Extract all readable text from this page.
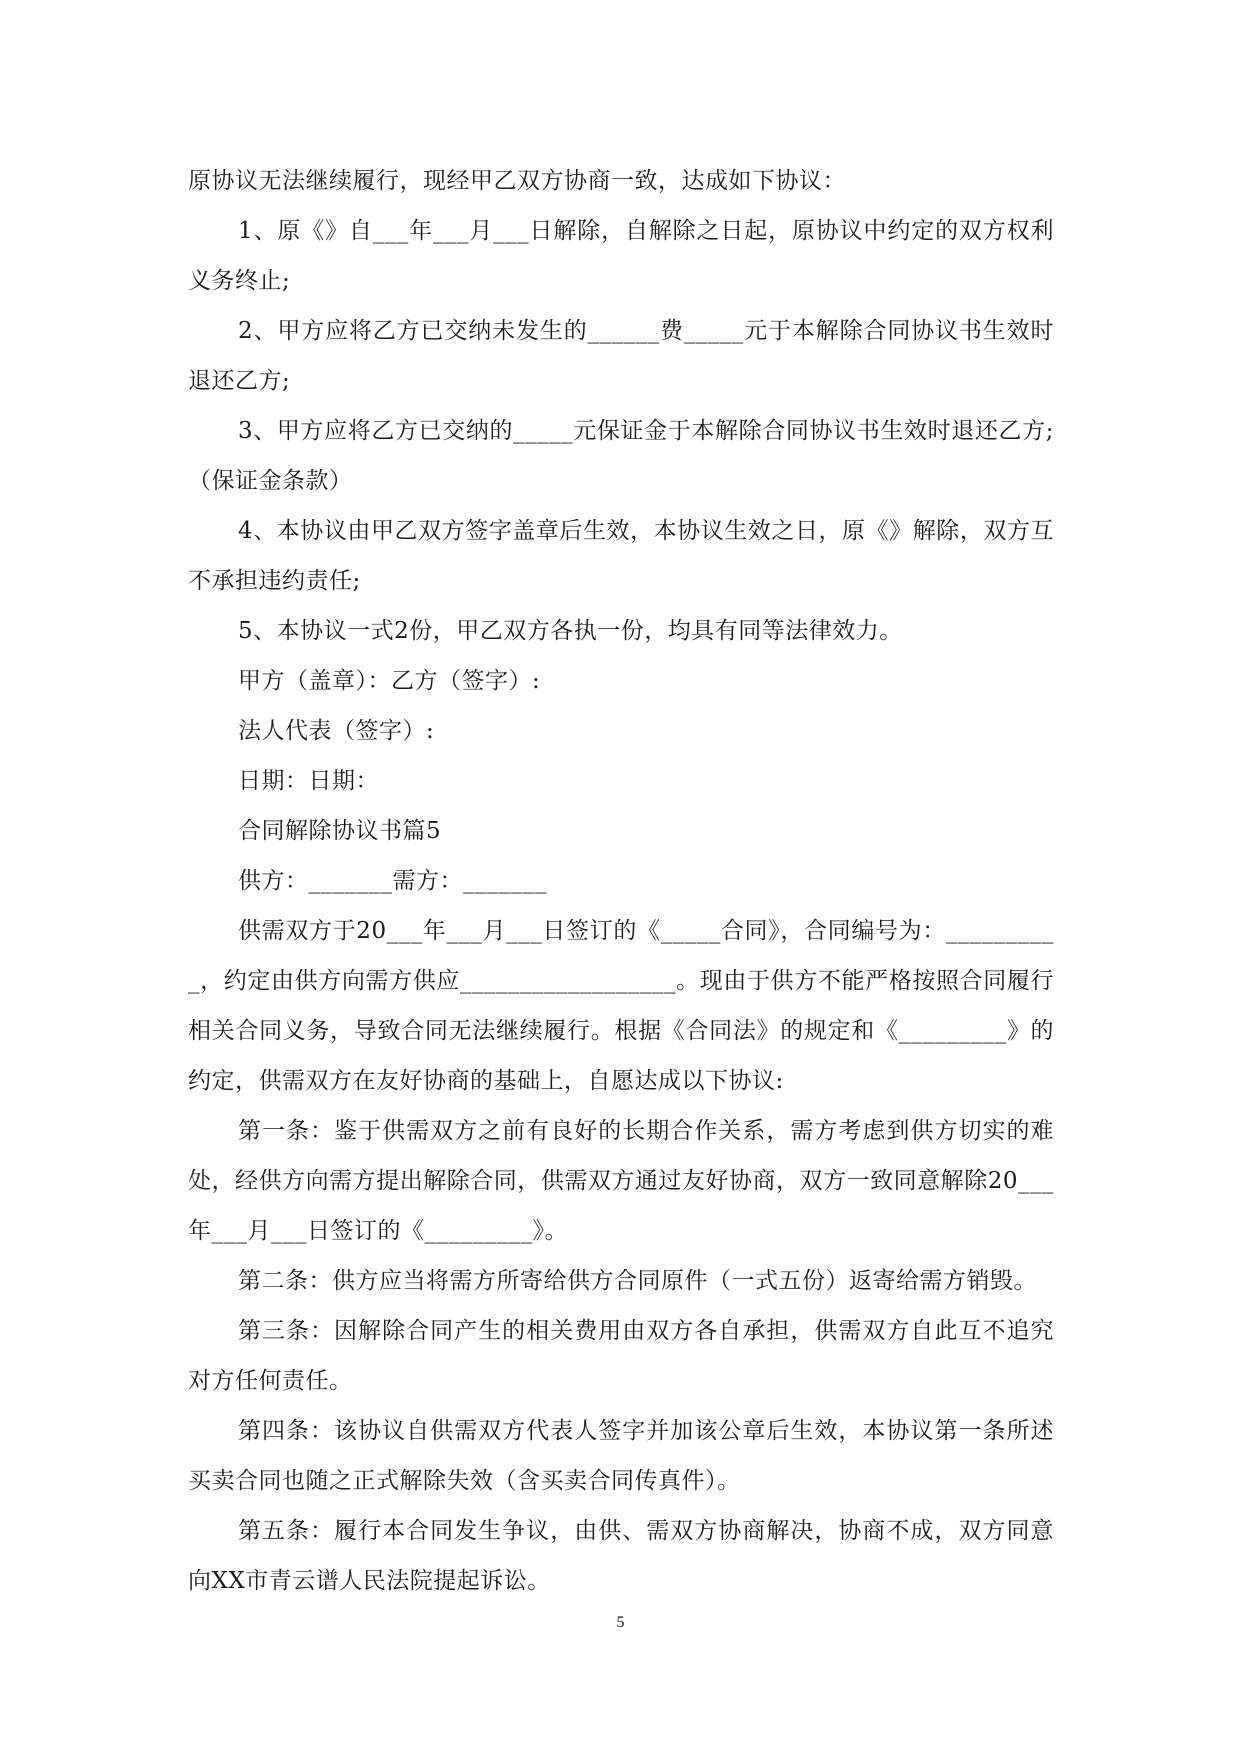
原协议无法继续履行，现经甲乙双方协商一致，达成如下协议：

1、原《》自___年___月___日解除，自解除之日起，原协议中约定的双方权利义务终止;

2、甲方应将乙方已交纳未发生的______费_____元于本解除合同协议书生效时退还乙方;

3、甲方应将乙方已交纳的_____元保证金于本解除合同协议书生效时退还乙方;（保证金条款）

4、本协议由甲乙双方签字盖章后生效，本协议生效之日，原《》解除，双方互不承担违约责任;

5、本协议一式2份，甲乙双方各执一份，均具有同等法律效力。

甲方（盖章）：乙方（签字）:

法人代表（签字）:

日期：日期：

合同解除协议书篇5

供方：_______需方：_______

供需双方于20___年___月___日签订的《_____合同》，合同编号为：__________，约定由供方向需方供应__________________。现由于供方不能严格按照合同履行相关合同义务，导致合同无法继续履行。根据《合同法》的规定和《_________》的约定，供需双方在友好协商的基础上，自愿达成以下协议:

第一条：鉴于供需双方之前有良好的长期合作关系，需方考虑到供方切实的难处，经供方向需方提出解除合同，供需双方通过友好协商，双方一致同意解除20___年___月___日签订的《_________》。

第二条：供方应当将需方所寄给供方合同原件（一式五份）返寄给需方销毁。

第三条：因解除合同产生的相关费用由双方各自承担，供需双方自此互不追究对方任何责任。

第四条：该协议自供需双方代表人签字并加该公章后生效，本协议第一条所述买卖合同也随之正式解除失效（含买卖合同传真件）。

第五条：履行本合同发生争议，由供、需双方协商解决，协商不成，双方同意向XX市青云谱人民法院提起诉讼。

5
